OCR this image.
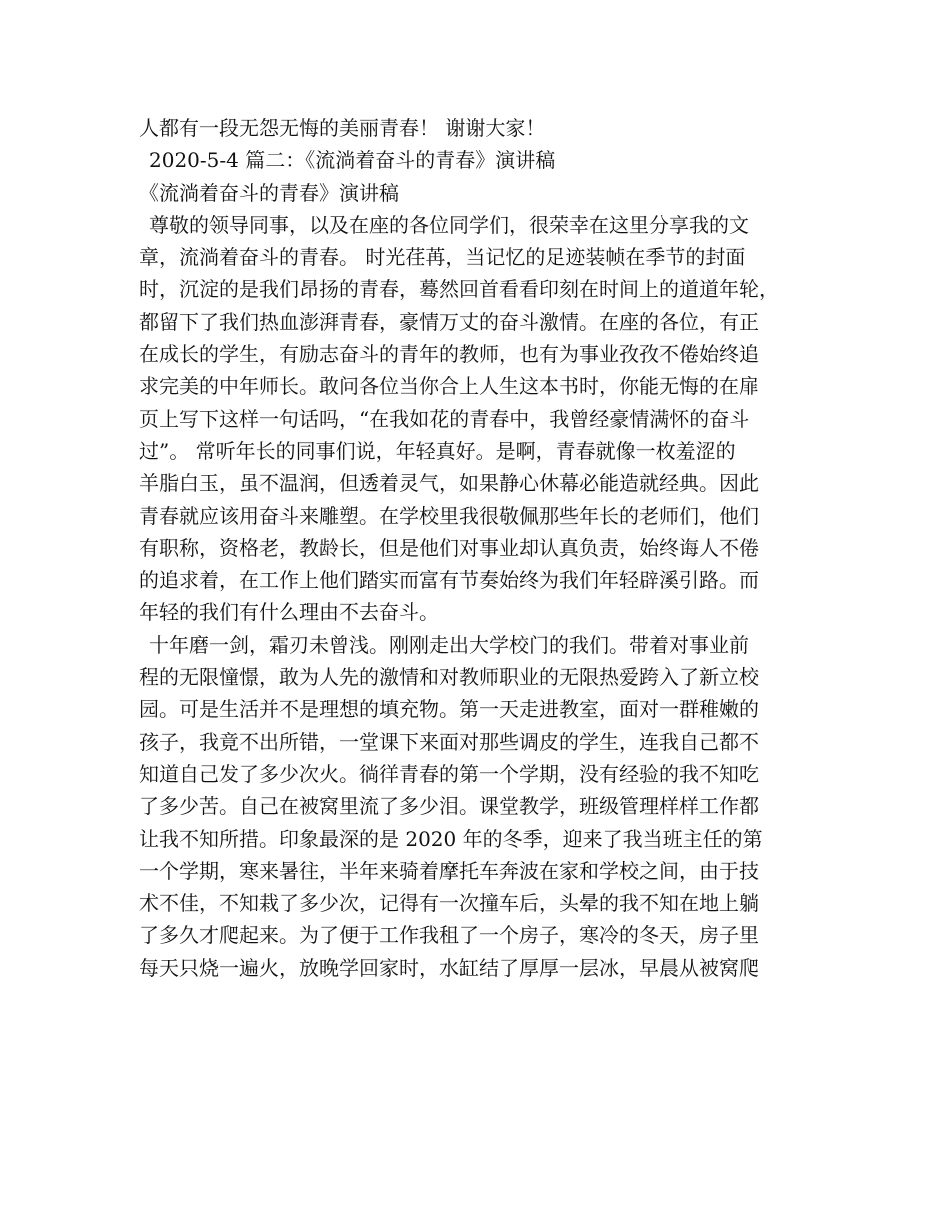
人都有一段无怨无悔的美丽青春！ 谢谢大家！
2020-5-4 篇二：《流淌着奋斗的青春》演讲稿
《流淌着奋斗的青春》演讲稿
尊敬的领导同事，以及在座的各位同学们，很荣幸在这里分享我的文
章，流淌着奋斗的青春。 时光荏苒，当记忆的足迹装帧在季节的封面
时，沉淀的是我们昂扬的青春，蓦然回首看看印刻在时间上的道道年轮，
都留下了我们热血澎湃青春，豪情万丈的奋斗激情。在座的各位，有正
在成长的学生，有励志奋斗的青年的教师，也有为事业孜孜不倦始终追
求完美的中年师长。敢问各位当你合上人生这本书时，你能无悔的在扉
页上写下这样一句话吗，“在我如花的青春中，我曾经豪情满怀的奋斗
过”。 常听年长的同事们说，年轻真好。是啊，青春就像一枚羞涩的
羊脂白玉，虽不温润，但透着灵气，如果静心休幕必能造就经典。因此
青春就应该用奋斗来雕塑。在学校里我很敬佩那些年长的老师们，他们
有职称，资格老，教龄长，但是他们对事业却认真负责，始终诲人不倦
的追求着，在工作上他们踏实而富有节奏始终为我们年轻辟溪引路。而
年轻的我们有什么理由不去奋斗。
十年磨一剑，霜刃未曾浅。刚刚走出大学校门的我们。带着对事业前
程的无限憧憬，敢为人先的激情和对教师职业的无限热爱跨入了新立校
园。可是生活并不是理想的填充物。第一天走进教室，面对一群稚嫩的
孩子，我竟不出所错，一堂课下来面对那些调皮的学生，连我自己都不
知道自己发了多少次火。徜徉青春的第一个学期，没有经验的我不知吃
了多少苦。自己在被窝里流了多少泪。课堂教学，班级管理样样工作都
让我不知所措。印象最深的是 2020 年的冬季，迎来了我当班主任的第
一个学期，寒来暑往，半年来骑着摩托车奔波在家和学校之间，由于技
术不佳，不知栽了多少次，记得有一次撞车后，头晕的我不知在地上躺
了多久才爬起来。为了便于工作我租了一个房子，寒冷的冬天，房子里
每天只烧一遍火，放晚学回家时，水缸结了厚厚一层冰，早晨从被窝爬
